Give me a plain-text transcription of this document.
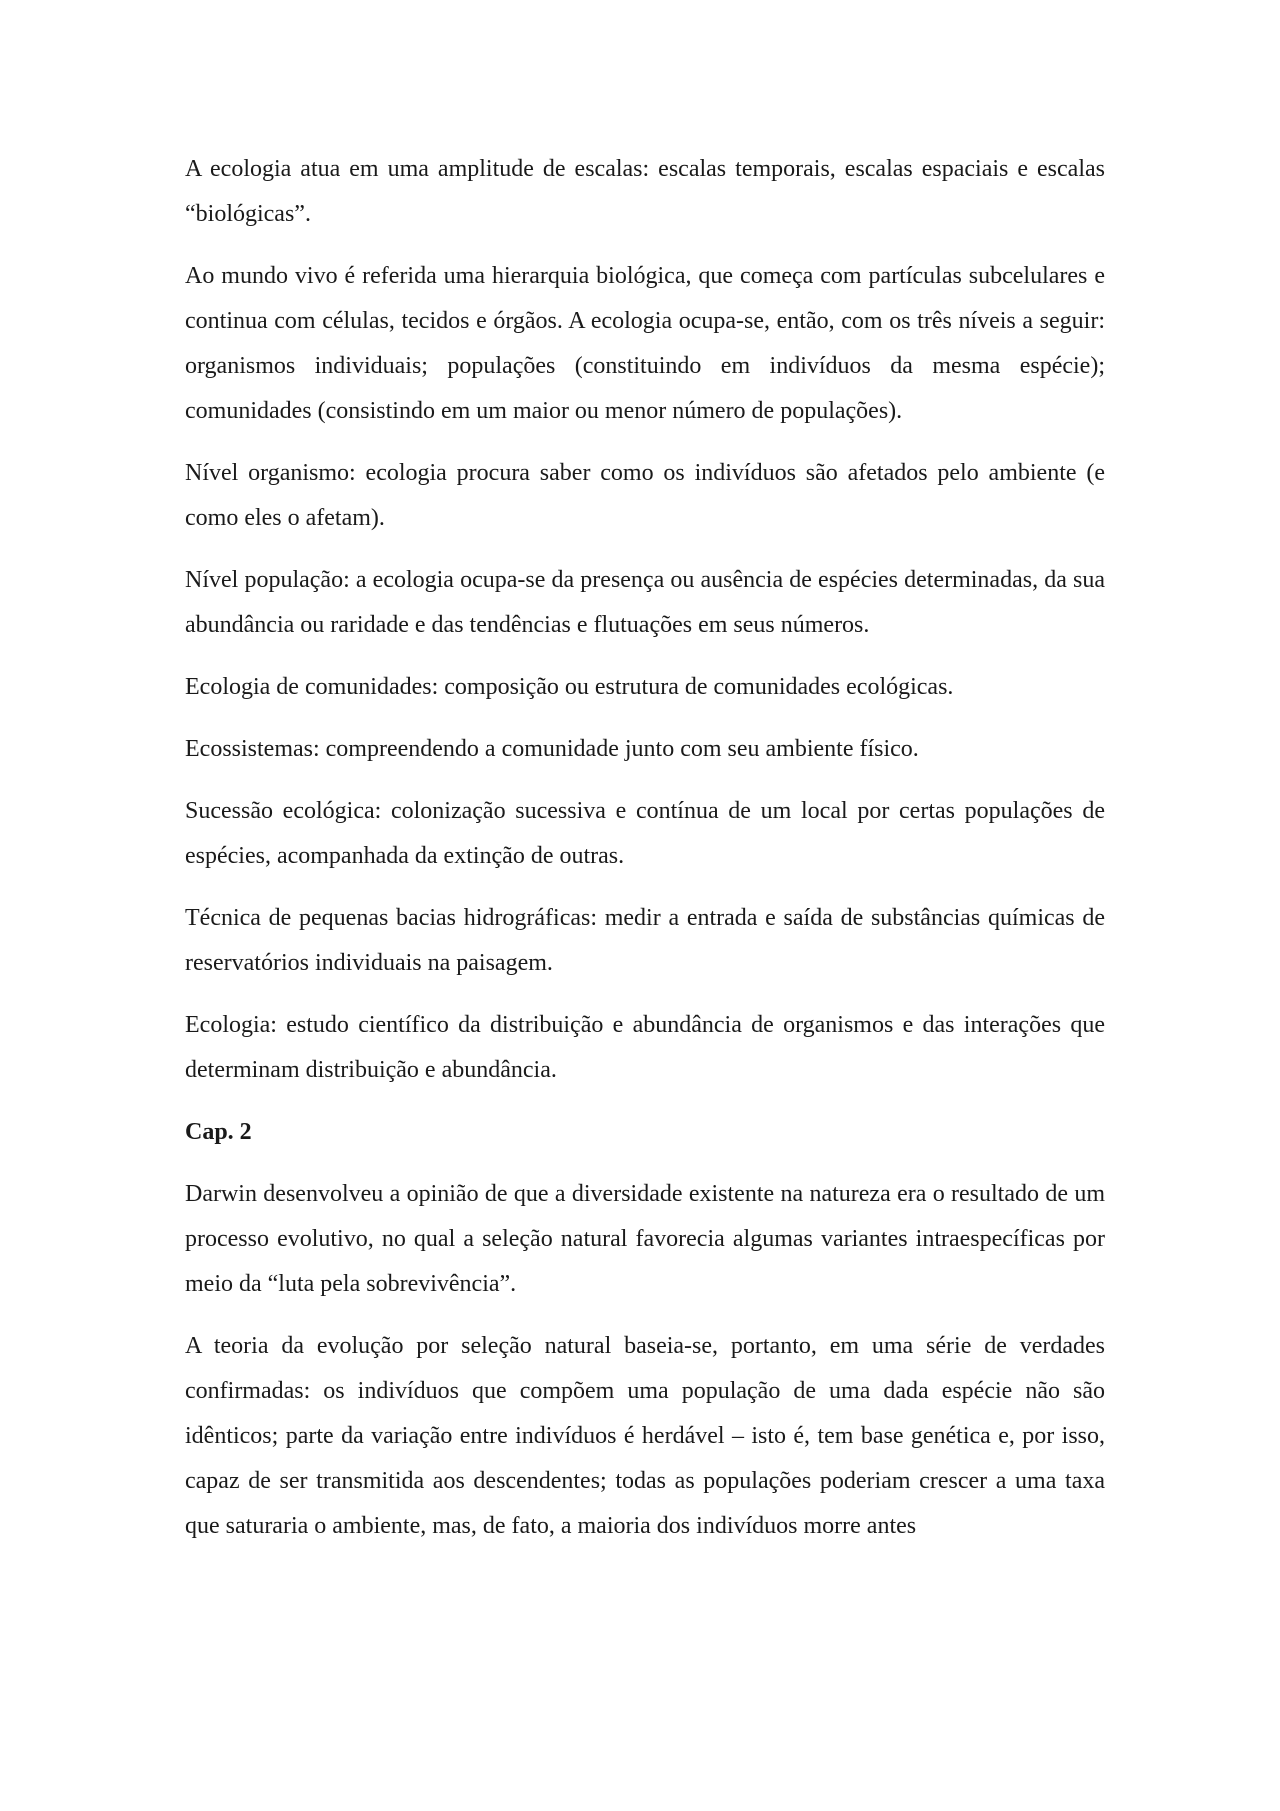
A ecologia atua em uma amplitude de escalas: escalas temporais, escalas espaciais e escalas “biológicas”.

Ao mundo vivo é referida uma hierarquia biológica, que começa com partículas subcelulares e continua com células, tecidos e órgãos. A ecologia ocupa-se, então, com os três níveis a seguir: organismos individuais; populações (constituindo em indivíduos da mesma espécie); comunidades (consistindo em um maior ou menor número de populações).

Nível organismo: ecologia procura saber como os indivíduos são afetados pelo ambiente (e como eles o afetam).

Nível população: a ecologia ocupa-se da presença ou ausência de espécies determinadas, da sua abundância ou raridade e das tendências e flutuações em seus números.

Ecologia de comunidades: composição ou estrutura de comunidades ecológicas.

Ecossistemas: compreendendo a comunidade junto com seu ambiente físico.

Sucessão ecológica: colonização sucessiva e contínua de um local por certas populações de espécies, acompanhada da extinção de outras.

Técnica de pequenas bacias hidrográficas: medir a entrada e saída de substâncias químicas de reservatórios individuais na paisagem.

Ecologia: estudo científico da distribuição e abundância de organismos e das interações que determinam distribuição e abundância.

Cap. 2

Darwin desenvolveu a opinião de que a diversidade existente na natureza era o resultado de um processo evolutivo, no qual a seleção natural favorecia algumas variantes intraespecíficas por meio da “luta pela sobrevivência”.

A teoria da evolução por seleção natural baseia-se, portanto, em uma série de verdades confirmadas: os indivíduos que compõem uma população de uma dada espécie não são idênticos; parte da variação entre indivíduos é herdável – isto é, tem base genética e, por isso, capaz de ser transmitida aos descendentes; todas as populações poderiam crescer a uma taxa que saturaria o ambiente, mas, de fato, a maioria dos indivíduos morre antes
